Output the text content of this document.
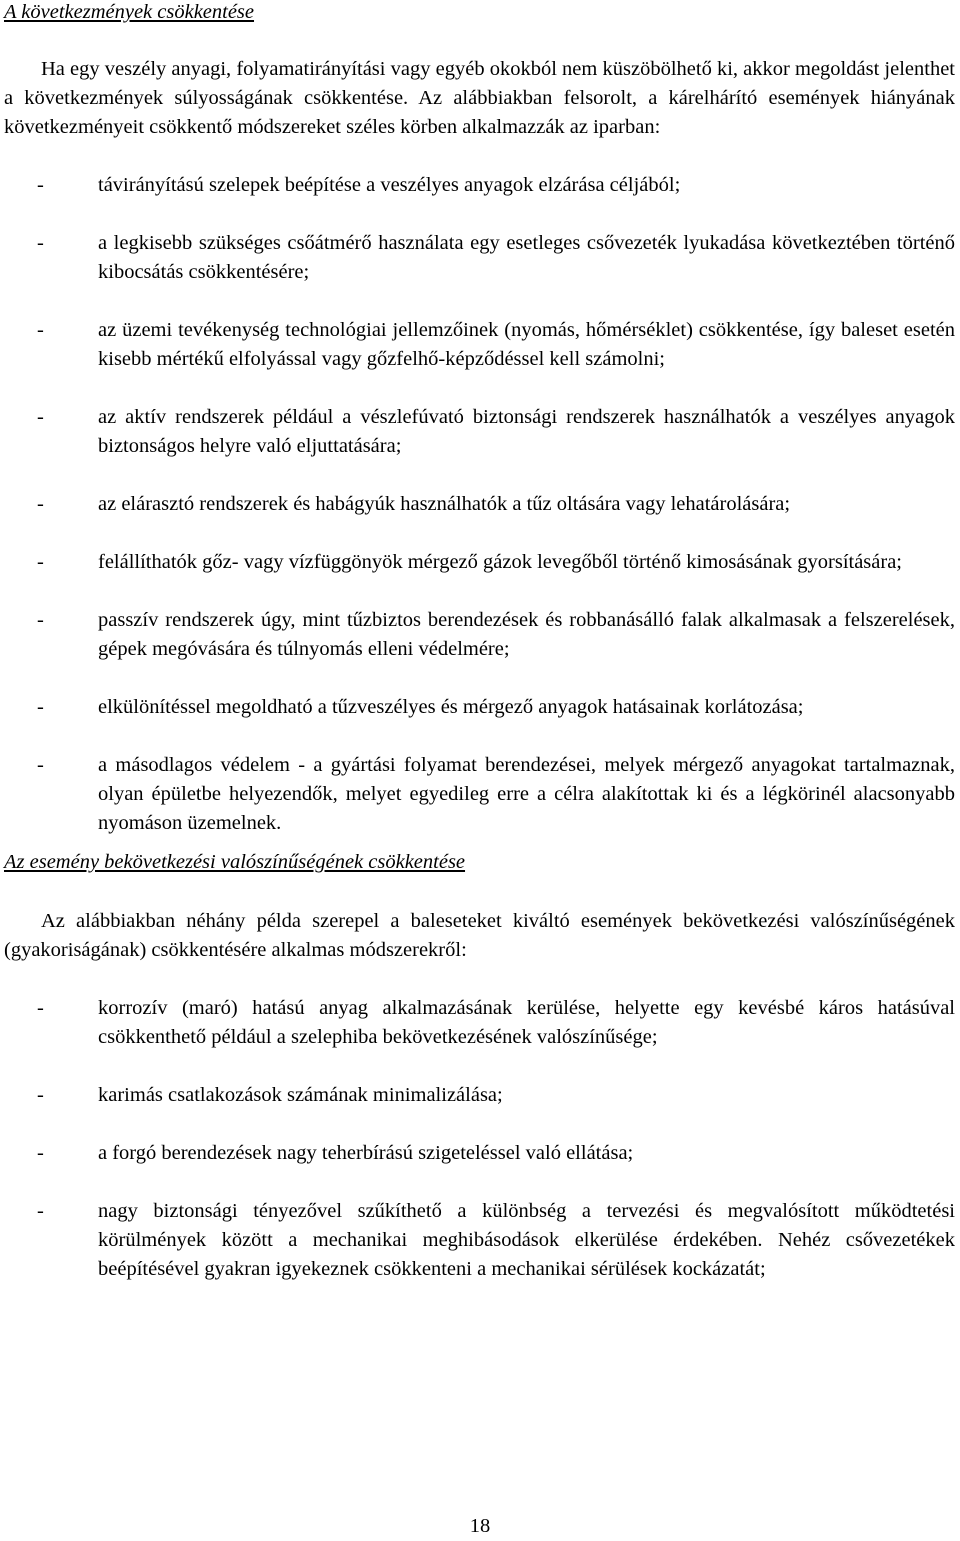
A következmények csökkentése

Ha egy veszély anyagi, folyamatirányítási vagy egyéb okokból nem küszöbölhető ki, akkor megoldást jelenthet a következmények súlyosságának csökkentése. Az alábbiakban felsorolt, a kárelhárító események hiányának következményeit csökkentő módszereket széles körben alkalmazzák az iparban:

-	távirányítású szelepek beépítése a veszélyes anyagok elzárása céljából;
-	a legkisebb szükséges csőátmérő használata egy esetleges csővezeték lyukadása következtében történő kibocsátás csökkentésére;
-	az üzemi tevékenység technológiai jellemzőinek (nyomás, hőmérséklet) csökkentése, így baleset esetén kisebb mértékű elfolyással vagy gőzfelhő-képződéssel kell számolni;
-	az aktív rendszerek például a vészlefúvató biztonsági rendszerek használhatók a veszélyes anyagok biztonságos helyre való eljuttatására;
-	az elárasztó rendszerek és habágyúk használhatók a tűz oltására vagy lehatárolására;
-	felállíthatók gőz- vagy vízfüggönyök mérgező gázok levegőből történő kimosásának gyorsítására;
-	passzív rendszerek úgy, mint tűzbiztos berendezések és robbanásálló falak alkalmasak a felszerelések, gépek megóvására és túlnyomás elleni védelmére;
-	elkülönítéssel megoldható a tűzveszélyes és mérgező anyagok hatásainak korlátozása;
-	a másodlagos védelem - a gyártási folyamat berendezései, melyek mérgező anyagokat tartalmaznak, olyan épületbe helyezendők, melyet egyedileg erre a célra alakítottak ki és a légkörinél alacsonyabb nyomáson üzemelnek.

Az esemény bekövetkezési valószínűségének csökkentése

Az alábbiakban néhány példa szerepel a baleseteket kiváltó események bekövetkezési valószínűségének (gyakoriságának) csökkentésére alkalmas módszerekről:

-	korrozív (maró) hatású anyag alkalmazásának kerülése, helyette egy kevésbé káros hatásúval csökkenthető például a szelephiba bekövetkezésének valószínűsége;
-	karimás csatlakozások számának minimalizálása;
-	a forgó berendezések nagy teherbírású szigeteléssel való ellátása;
-	nagy biztonsági tényezővel szűkíthető a különbség a tervezési és megvalósított működtetési körülmények között a mechanikai meghibásodások elkerülése érdekében. Nehéz csővezetékek beépítésével gyakran igyekeznek csökkenteni a mechanikai sérülések kockázatát;
18
